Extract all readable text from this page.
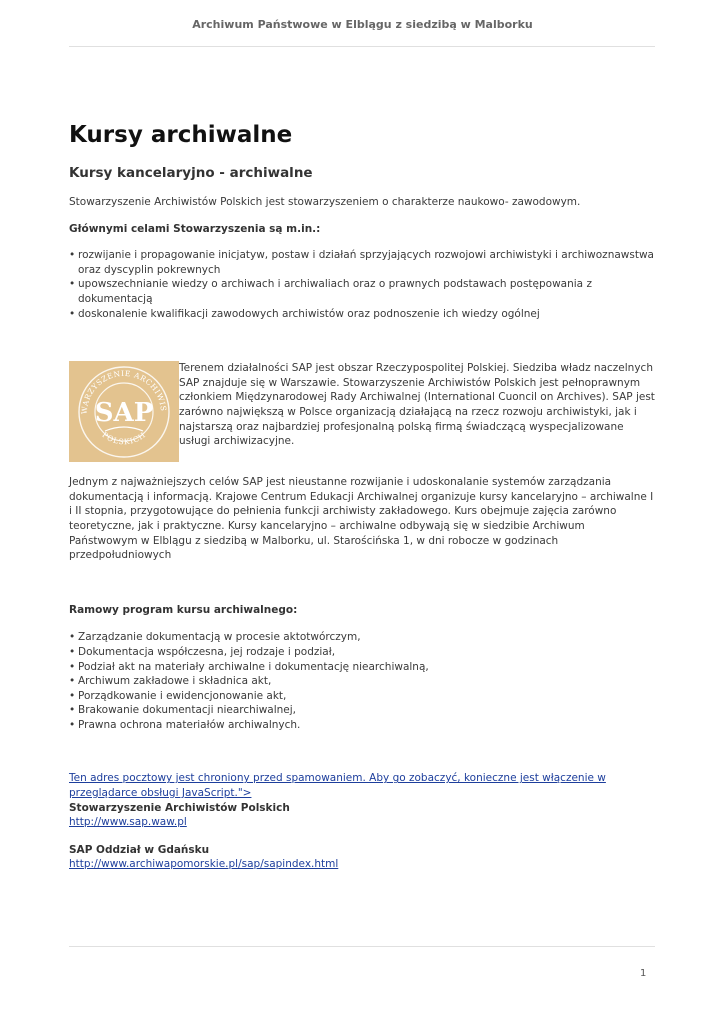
Archiwum Państwowe w Elblągu z siedzibą w Malborku
Kursy archiwalne
Kursy kancelaryjno - archiwalne

Stowarzyszenie Archiwistów Polskich jest stowarzyszeniem o charakterze naukowo- zawodowym.

Głównymi celami Stowarzyszenia są m.in.:

• rozwijanie i propagowanie inicjatyw, postaw i działań sprzyjających rozwojowi archiwistyki i archiwoznawstwa oraz dyscyplin pokrewnych
• upowszechnianie wiedzy o archiwach i archiwaliach oraz o prawnych podstawach postępowania z dokumentacją
• doskonalenie kwalifikacji zawodowych archiwistów oraz podnoszenie ich wiedzy ogólnej
WARZYSZENIE ARCHIWIS
POLSKICH
SAP

Terenem działalności SAP jest obszar Rzeczypospolitej Polskiej. Siedziba władz naczelnych SAP znajduje się w Warszawie. Stowarzyszenie Archiwistów Polskich jest pełnoprawnym członkiem Międzynarodowej Rady Archiwalnej (International Cuoncil on Archives). SAP jest zarówno największą w Polsce organizacją działającą na rzecz rozwoju archiwistyki, jak i najstarszą oraz najbardziej profesjonalną polską firmą świadczącą wyspecjalizowane usługi archiwizacyjne.

Jednym z najważniejszych celów SAP jest nieustanne rozwijanie i udoskonalanie systemów zarządzania dokumentacją i informacją. Krajowe Centrum Edukacji Archiwalnej organizuje kursy kancelaryjno – archiwalne I i II stopnia, przygotowujące do pełnienia funkcji archiwisty zakładowego. Kurs obejmuje zajęcia zarówno teoretyczne, jak i praktyczne. Kursy kancelaryjno – archiwalne odbywają się w siedzibie Archiwum Państwowym w Elblągu z siedzibą w Malborku, ul. Starościńska 1, w dni robocze w godzinach przedpołudniowych

Ramowy program kursu archiwalnego:

• Zarządzanie dokumentacją w procesie aktotwórczym,
• Dokumentacja współczesna, jej rodzaje i podział,
• Podział akt na materiały archiwalne i dokumentację niearchiwalną,
• Archiwum zakładowe i składnica akt,
• Porządkowanie i ewidencjonowanie akt,
• Brakowanie dokumentacji niearchiwalnej,
• Prawna ochrona materiałów archiwalnych.

Ten adres pocztowy jest chroniony przed spamowaniem. Aby go zobaczyć, konieczne jest włączenie w przeglądarce obsługi JavaScript.">

Stowarzyszenie Archiwistów Polskich

http://www.sap.waw.pl

SAP Oddział w Gdańsku

http://www.archiwapomorskie.pl/sap/sapindex.html

1
